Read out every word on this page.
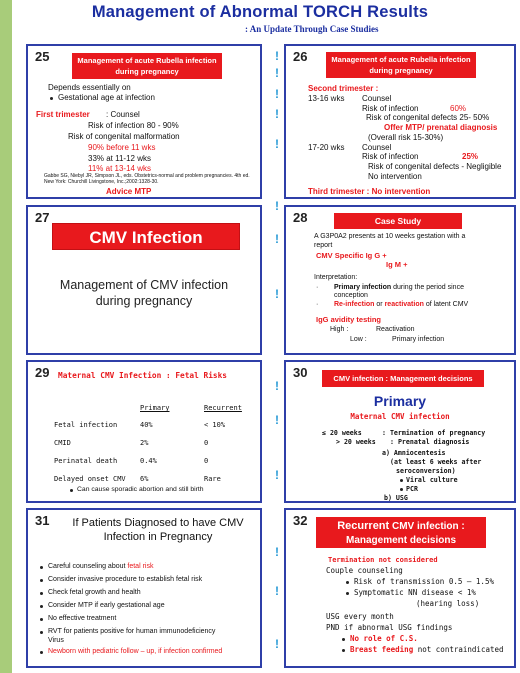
Management of Abnormal TORCH Results
: An Update Through Case Studies
!
!
!
!
!
!
!
!
!
!
!
!
!
!
25	Management of acute Rubella infection
during pregnancy
Depends essentially on
Gestational age at infection
First trimester : Counsel
Risk of infection 80 - 90%
Risk of congenital malformation
90% before 11 wks
33% at 11-12 wks
11% at 13-14 wks
Gabbe SG, Niebyl JR, Simpson JL, eds. Obstetrics-normal and problem pregnancies. 4th ed. New York: Churchill Livingstone, Inc.;2002:1328-30.
Advice MTP
26	Management of acute Rubella infection
during pregnancy
Second trimester :
13-16 wks Counsel
Risk of infection	60%
Risk of congenital defects 25- 50%
Offer MTP/ prenatal diagnosis
(Overall risk 15-30%)
17-20 wks Counsel
Risk of infection	25%
Risk of congenital defects - Negligible
No intervention
Third trimester : No intervention
27
CMV Infection
Management of CMV infection
during pregnancy
28	Case Study
A G3P0A2 presents at 10 weeks gestation with a
report
CMV Specific Ig G +
Ig M +
Interpretation:
· Primary infection during the period since
conception
· Re-infection or reactivation of latent CMV
IgG avidity testing
High :	Reactivation
Low :	Primary infection
29 Maternal CMV Infection : Fetal Risks
Primary	Recurrent
Fetal infection	40%	< 10%
CMID	2%	0
Perinatal death	0.4%	0
Delayed onset CMV 6%	Rare
Can cause sporadic abortion and still birth
30	CMV infection : Management decisions
Primary
Maternal CMV infection
≤ 20 weeks	: Termination of pregnancy
> 20 weeks : Prenatal diagnosis
a) Amniocentesis
(at least 6 weeks after
seroconversion)
Viral culture
PCR
b) USG
31	If Patients Diagnosed to have CMV
Infection in Pregnancy
Careful counseling about fetal risk
Consider invasive procedure to establish fetal risk
Check fetal growth and health
Consider MTP if early gestational age
No effective treatment
RVT for patients positive for human immunodeficiency
Virus
Newborn with pediatric follow – up, if infection confirmed
32	Recurrent CMV infection :
Management decisions
Termination not considered
Couple counseling
Risk of transmission 0.5 – 1.5%
Symptomatic NN disease < 1%
(hearing loss)
USG every month
PND if abnormal USG findings
No role of C.S.
Breast feeding not contraindicated
